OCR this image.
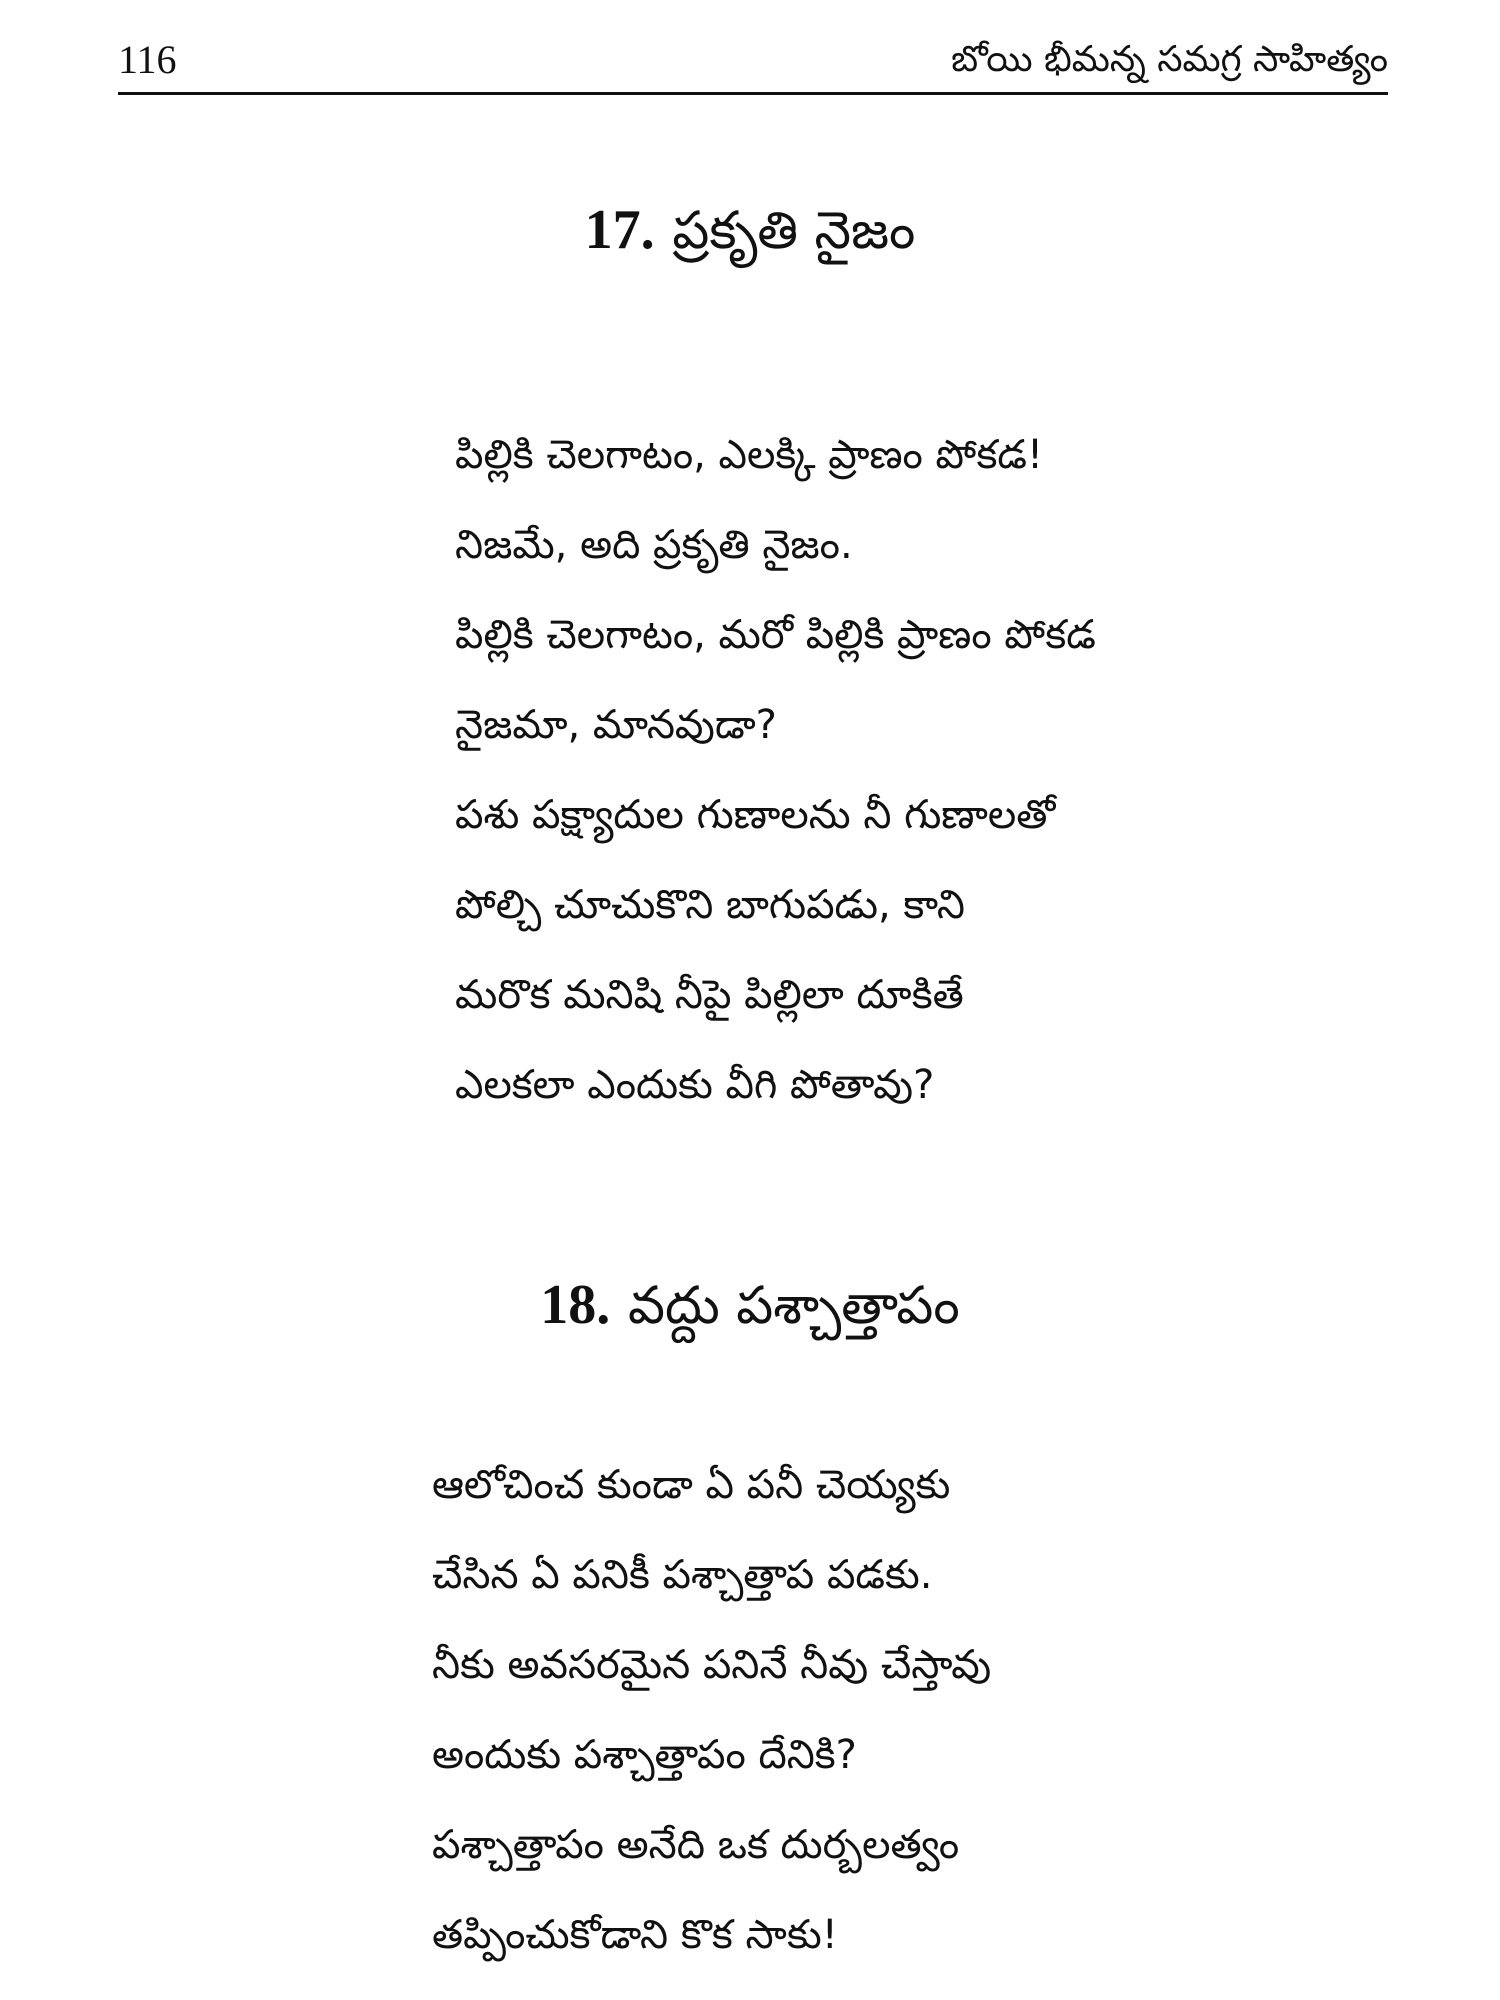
116	బోయి భీమన్న సమగ్ర సాహిత్యం
17. ప్రకృతి నైజం
పిల్లికి చెలగాటం, ఎలక్కి ప్రాణం పోకడ!
నిజమే, అది ప్రకృతి నైజం.
పిల్లికి చెలగాటం, మరో పిల్లికి ప్రాణం పోకడ
నైజమా, మానవుడా?
పశు పక్ష్యాదుల గుణాలను నీ గుణాలతో
పోల్చి చూచుకొని బాగుపడు, కాని
మరొక మనిషి నీపై పిల్లిలా దూకితే
ఎలకలా ఎందుకు వీగి పోతావు?
18. వద్దు పశ్చాత్తాపం
ఆలోచించ కుండా ఏ పనీ చెయ్యకు
చేసిన ఏ పనికీ పశ్చాత్తాప పడకు.
నీకు అవసరమైన పనినే నీవు చేస్తావు
అందుకు పశ్చాత్తాపం దేనికి?
పశ్చాత్తాపం అనేది ఒక దుర్బలత్వం
తప్పించుకోడాని కొక సాకు!
